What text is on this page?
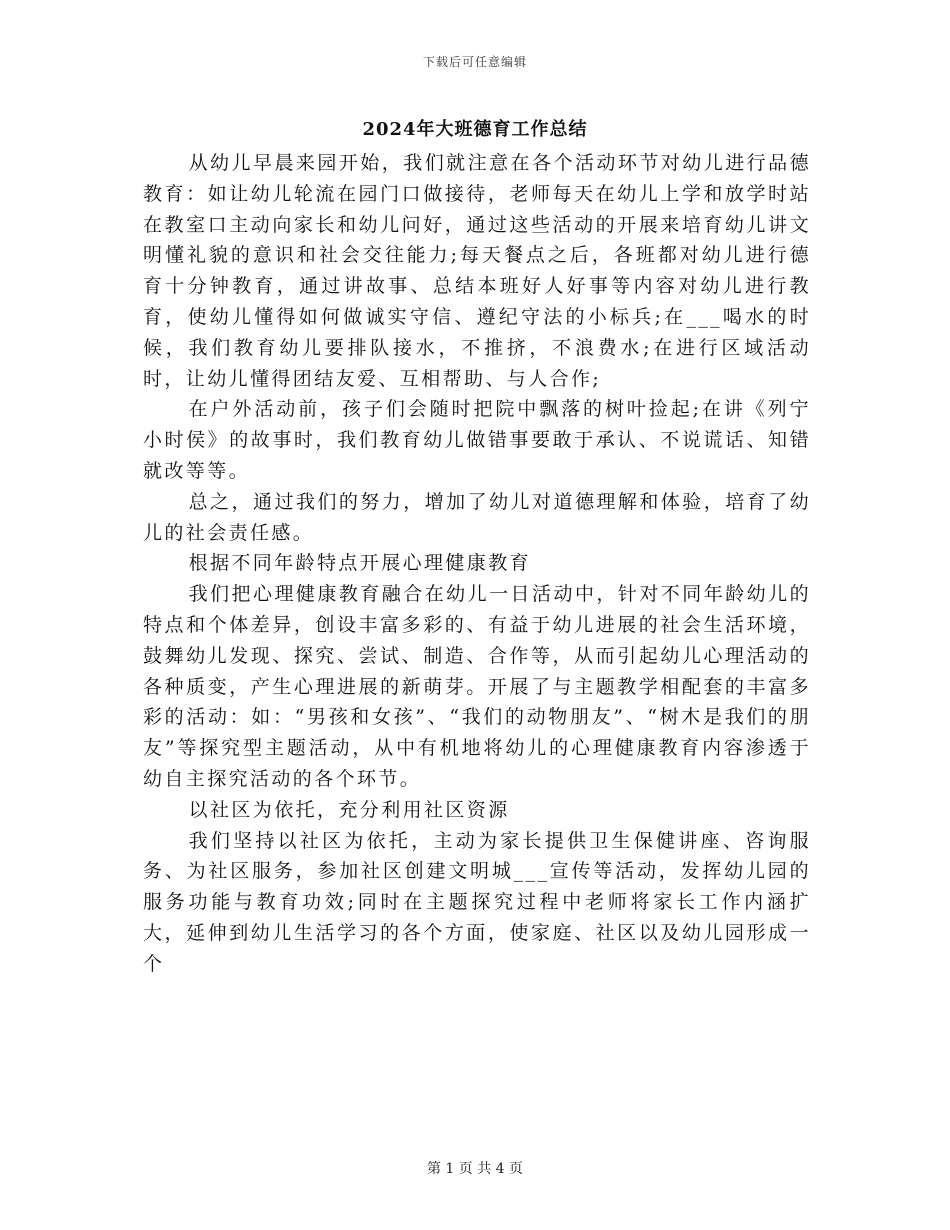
下载后可任意编辑
2024年大班德育工作总结

从幼儿早晨来园开始，我们就注意在各个活动环节对幼儿进行品德教育：如让幼儿轮流在园门口做接待，老师每天在幼儿上学和放学时站在教室口主动向家长和幼儿问好，通过这些活动的开展来培育幼儿讲文明懂礼貌的意识和社会交往能力;每天餐点之后，各班都对幼儿进行德育十分钟教育，通过讲故事、总结本班好人好事等内容对幼儿进行教育，使幼儿懂得如何做诚实守信、遵纪守法的小标兵;在___喝水的时候，我们教育幼儿要排队接水，不推挤，不浪费水;在进行区域活动时，让幼儿懂得团结友爱、互相帮助、与人合作;

在户外活动前，孩子们会随时把院中飘落的树叶捡起;在讲《列宁小时侯》的故事时，我们教育幼儿做错事要敢于承认、不说谎话、知错就改等等。

总之，通过我们的努力，增加了幼儿对道德理解和体验，培育了幼儿的社会责任感。

根据不同年龄特点开展心理健康教育

我们把心理健康教育融合在幼儿一日活动中，针对不同年龄幼儿的特点和个体差异，创设丰富多彩的、有益于幼儿进展的社会生活环境，鼓舞幼儿发现、探究、尝试、制造、合作等，从而引起幼儿心理活动的各种质变，产生心理进展的新萌芽。开展了与主题教学相配套的丰富多彩的活动：如：“男孩和女孩”、“我们的动物朋友”、“树木是我们的朋友”等探究型主题活动，从中有机地将幼儿的心理健康教育内容渗透于幼自主探究活动的各个环节。

以社区为依托，充分利用社区资源

我们坚持以社区为依托，主动为家长提供卫生保健讲座、咨询服务、为社区服务，参加社区创建文明城___宣传等活动，发挥幼儿园的服务功能与教育功效;同时在主题探究过程中老师将家长工作内涵扩大，延伸到幼儿生活学习的各个方面，使家庭、社区以及幼儿园形成一个

第 1 页 共 4 页
